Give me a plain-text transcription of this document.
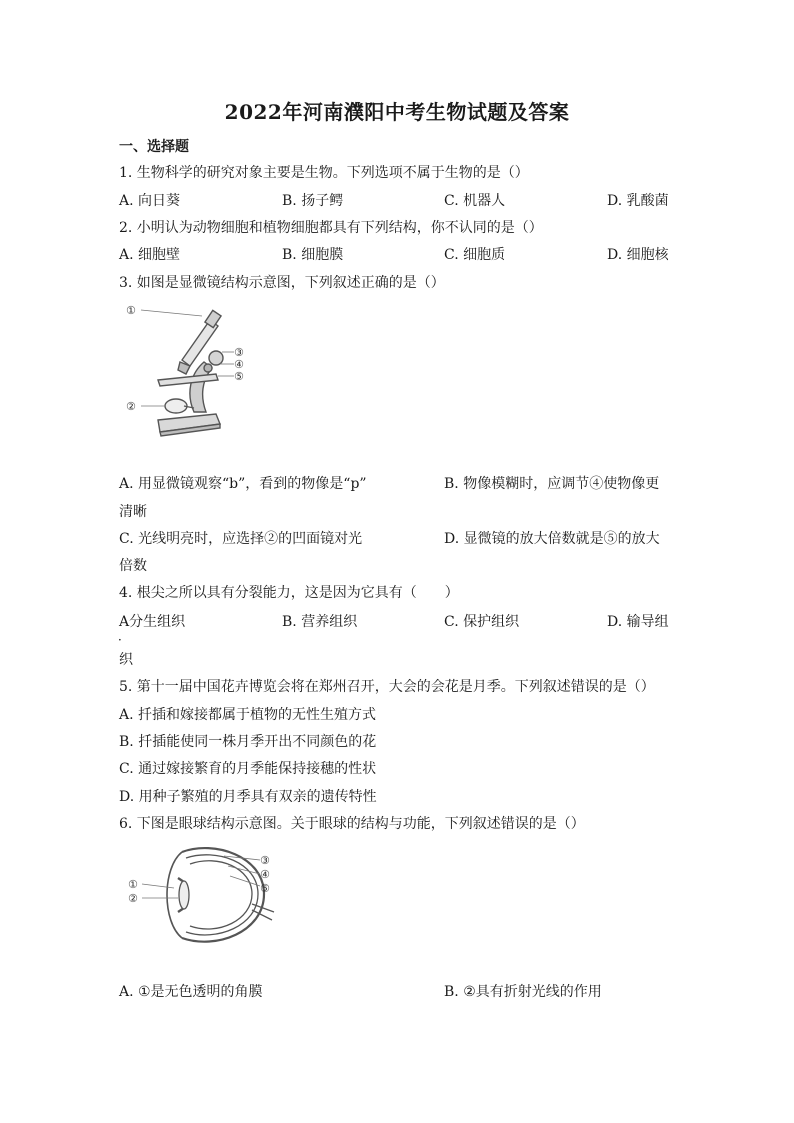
2022年河南濮阳中考生物试题及答案
一、选择题
1. 生物科学的研究对象主要是生物。下列选项不属于生物的是（）
A. 向日葵	B. 扬子鳄	C. 机器人	D. 乳酸菌
2. 小明认为动物细胞和植物细胞都具有下列结构，你不认同的是（）
A. 细胞壁	B. 细胞膜	C. 细胞质	D. 细胞核
3. 如图是显微镜结构示意图，下列叙述正确的是（）
①
②
③
④
⑤
A. 用显微镜观察“b”，看到的物像是“p”	B. 物像模糊时，应调节④使物像更
清晰
C. 光线明亮时，应选择②的凹面镜对光	D. 显微镜的放大倍数就是⑤的放大
倍数
4. 根尖之所以具有分裂能力，这是因为它具有（　　）
A分生组织
．
B. 营养组织	C. 保护组织	D. 输导组
织
5. 第十一届中国花卉博览会将在郑州召开，大会的会花是月季。下列叙述错误的是（）
A. 扦插和嫁接都属于植物的无性生殖方式
B. 扦插能使同一株月季开出不同颜色的花
C. 通过嫁接繁育的月季能保持接穗的性状
D. 用种子繁殖的月季具有双亲的遗传特性
6. 下图是眼球结构示意图。关于眼球的结构与功能，下列叙述错误的是（）
①
②
③
④
⑤
A. ①是无色透明的角膜	B. ②具有折射光线的作用
